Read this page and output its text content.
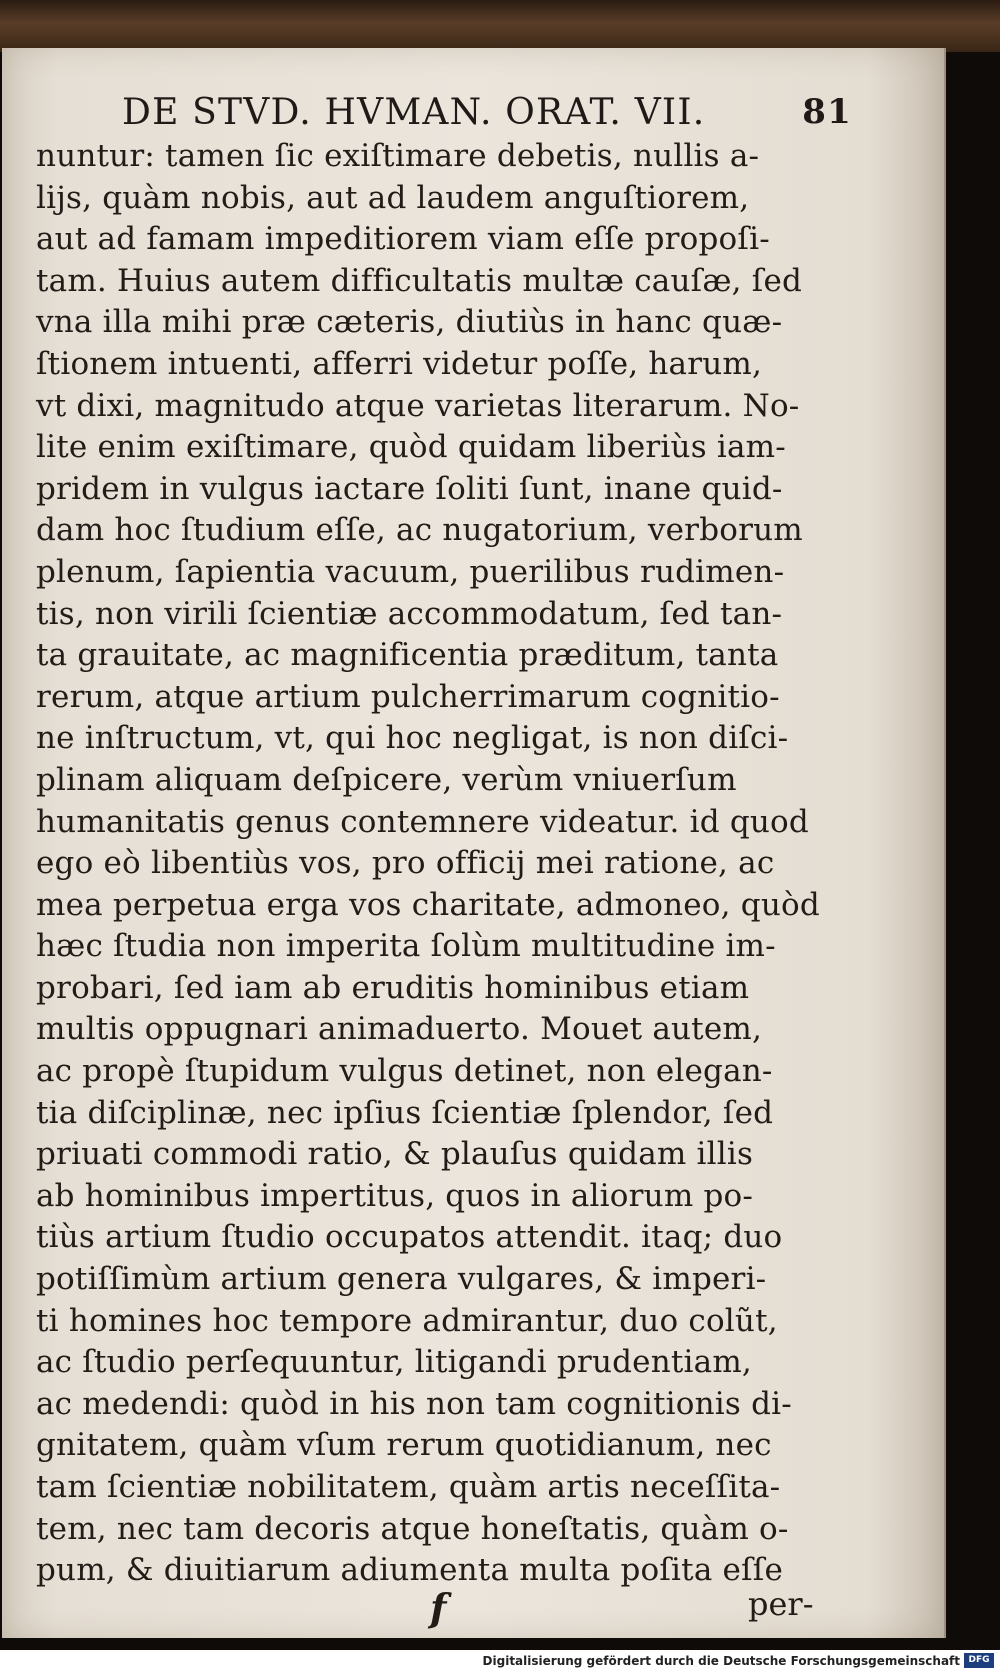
DE STVD. HVMAN. ORAT. VII.	81
nuntur: tamen ſic exiſtimare debetis, nullis a-
lijs, quàm nobis, aut ad laudem anguſtiorem,
aut ad famam impeditiorem viam eſſe propoſi-
tam. Huius autem difficultatis multæ cauſæ, ſed
vna illa mihi præ cæteris, diutiùs in hanc quæ-
ſtionem intuenti, afferri videtur poſſe, harum,
vt dixi, magnitudo atque varietas literarum. No-
lite enim exiſtimare, quòd quidam liberiùs iam-
pridem in vulgus iactare ſoliti ſunt, inane quid-
dam hoc ſtudium eſſe, ac nugatorium, verborum
plenum, ſapientia vacuum, puerilibus rudimen-
tis, non virili ſcientiæ accommodatum, ſed tan-
ta grauitate, ac magnificentia præditum, tanta
rerum, atque artium pulcherrimarum cognitio-
ne inſtructum, vt, qui hoc negligat, is non diſci-
plinam aliquam deſpicere, verùm vniuerſum
humanitatis genus contemnere videatur. id quod
ego eò libentiùs vos, pro officij mei ratione, ac
mea perpetua erga vos charitate, admoneo, quòd
hæc ſtudia non imperita ſolùm multitudine im-
probari, ſed iam ab eruditis hominibus etiam
multis oppugnari animaduerto. Mouet autem,
ac propè ſtupidum vulgus detinet, non elegan-
tia diſciplinæ, nec ipſius ſcientiæ ſplendor, ſed
priuati commodi ratio, & plauſus quidam illis
ab hominibus impertitus, quos in aliorum po-
tiùs artium ſtudio occupatos attendit. itaq; duo
potiſſimùm artium genera vulgares, & imperi-
ti homines hoc tempore admirantur, duo colũt,
ac ſtudio perſequuntur, litigandi prudentiam,
ac medendi: quòd in his non tam cognitionis di-
gnitatem, quàm vſum rerum quotidianum, nec
tam ſcientiæ nobilitatem, quàm artis neceſſita-
tem, nec tam decoris atque honeſtatis, quàm o-
pum, & diuitiarum adiumenta multa poſita eſſe
f	per-
Digitalisierung gefördert durch die Deutsche Forschungsgemeinschaft DFG
